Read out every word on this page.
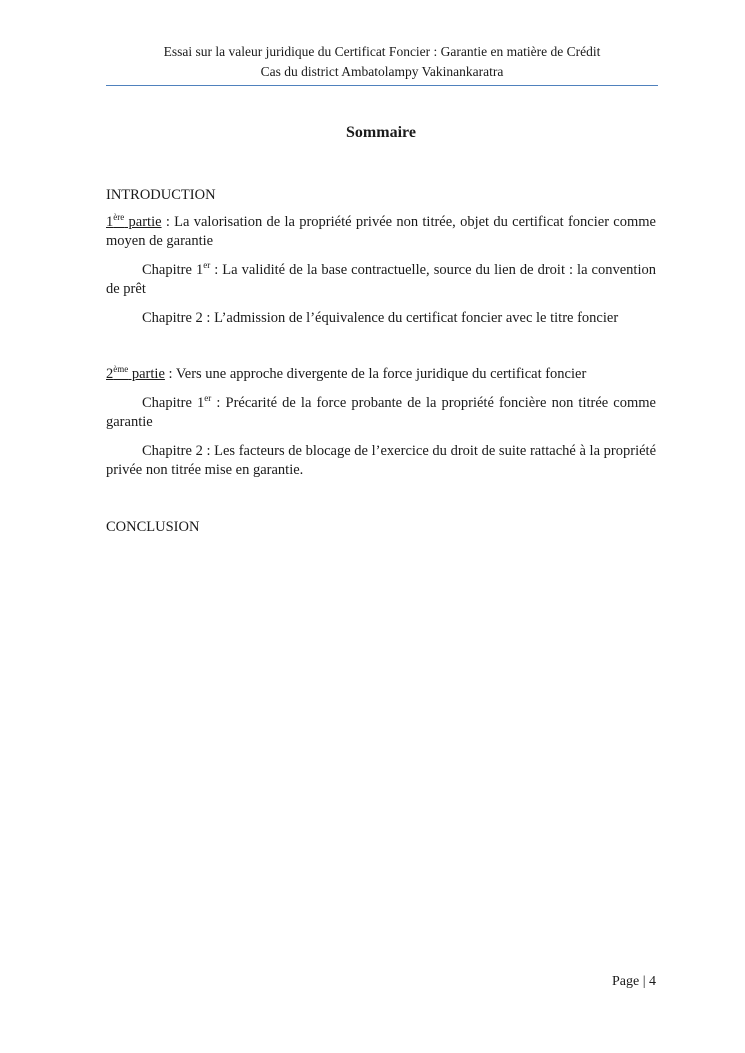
Essai sur la valeur juridique du Certificat Foncier : Garantie en matière de Crédit
Cas du district Ambatolampy Vakinankaratra
Sommaire

INTRODUCTION

1ère partie : La valorisation de la propriété privée non titrée, objet du certificat foncier comme moyen de garantie

Chapitre 1er : La validité de la base contractuelle, source du lien de droit : la convention de prêt

Chapitre 2 : L’admission de l’équivalence du certificat foncier avec le titre foncier

2ème partie : Vers une approche divergente de la force juridique du certificat foncier

Chapitre 1er : Précarité de la force probante de la propriété foncière non titrée comme garantie

Chapitre 2 : Les facteurs de blocage de l’exercice du droit de suite rattaché à la propriété privée non titrée mise en garantie.

CONCLUSION

Page | 4
